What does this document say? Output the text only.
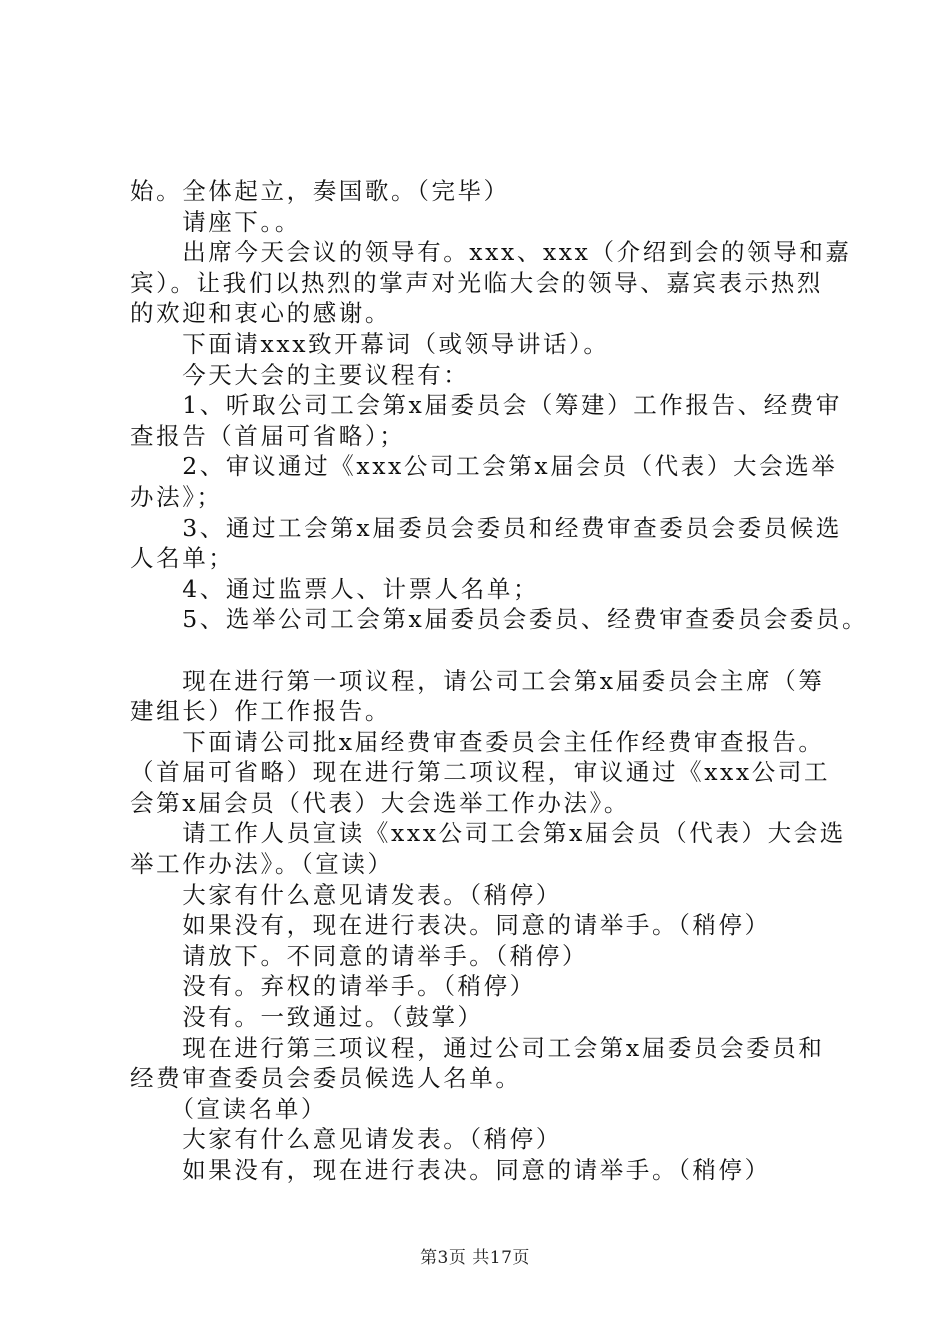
始。全体起立，奏国歌。（完毕）

　　请座下。。

　　出席今天会议的领导有。xxx、xxx（介绍到会的领导和嘉

宾）。让我们以热烈的掌声对光临大会的领导、嘉宾表示热烈

的欢迎和衷心的感谢。

　　下面请xxx致开幕词（或领导讲话）。

　　今天大会的主要议程有：

　　1、听取公司工会第x届委员会（筹建）工作报告、经费审

查报告（首届可省略）；

　　2、审议通过《xxx公司工会第x届会员（代表）大会选举

办法》；

　　3、通过工会第x届委员会委员和经费审查委员会委员候选

人名单；

　　4、通过监票人、计票人名单；

　　5、选举公司工会第x届委员会委员、经费审查委员会委员。

　　现在进行第一项议程，请公司工会第x届委员会主席（筹

建组长）作工作报告。

　　下面请公司批x届经费审查委员会主任作经费审查报告。

（首届可省略）现在进行第二项议程，审议通过《xxx公司工

会第x届会员（代表）大会选举工作办法》。

　　请工作人员宣读《xxx公司工会第x届会员（代表）大会选

举工作办法》。（宣读）

　　大家有什么意见请发表。（稍停）

　　如果没有，现在进行表决。同意的请举手。（稍停）

　　请放下。不同意的请举手。（稍停）

　　没有。弃权的请举手。（稍停）

　　没有。一致通过。（鼓掌）

　　现在进行第三项议程，通过公司工会第x届委员会委员和

经费审查委员会委员候选人名单。

　　（宣读名单）

　　大家有什么意见请发表。（稍停）

　　如果没有，现在进行表决。同意的请举手。（稍停）

第3页 共17页
